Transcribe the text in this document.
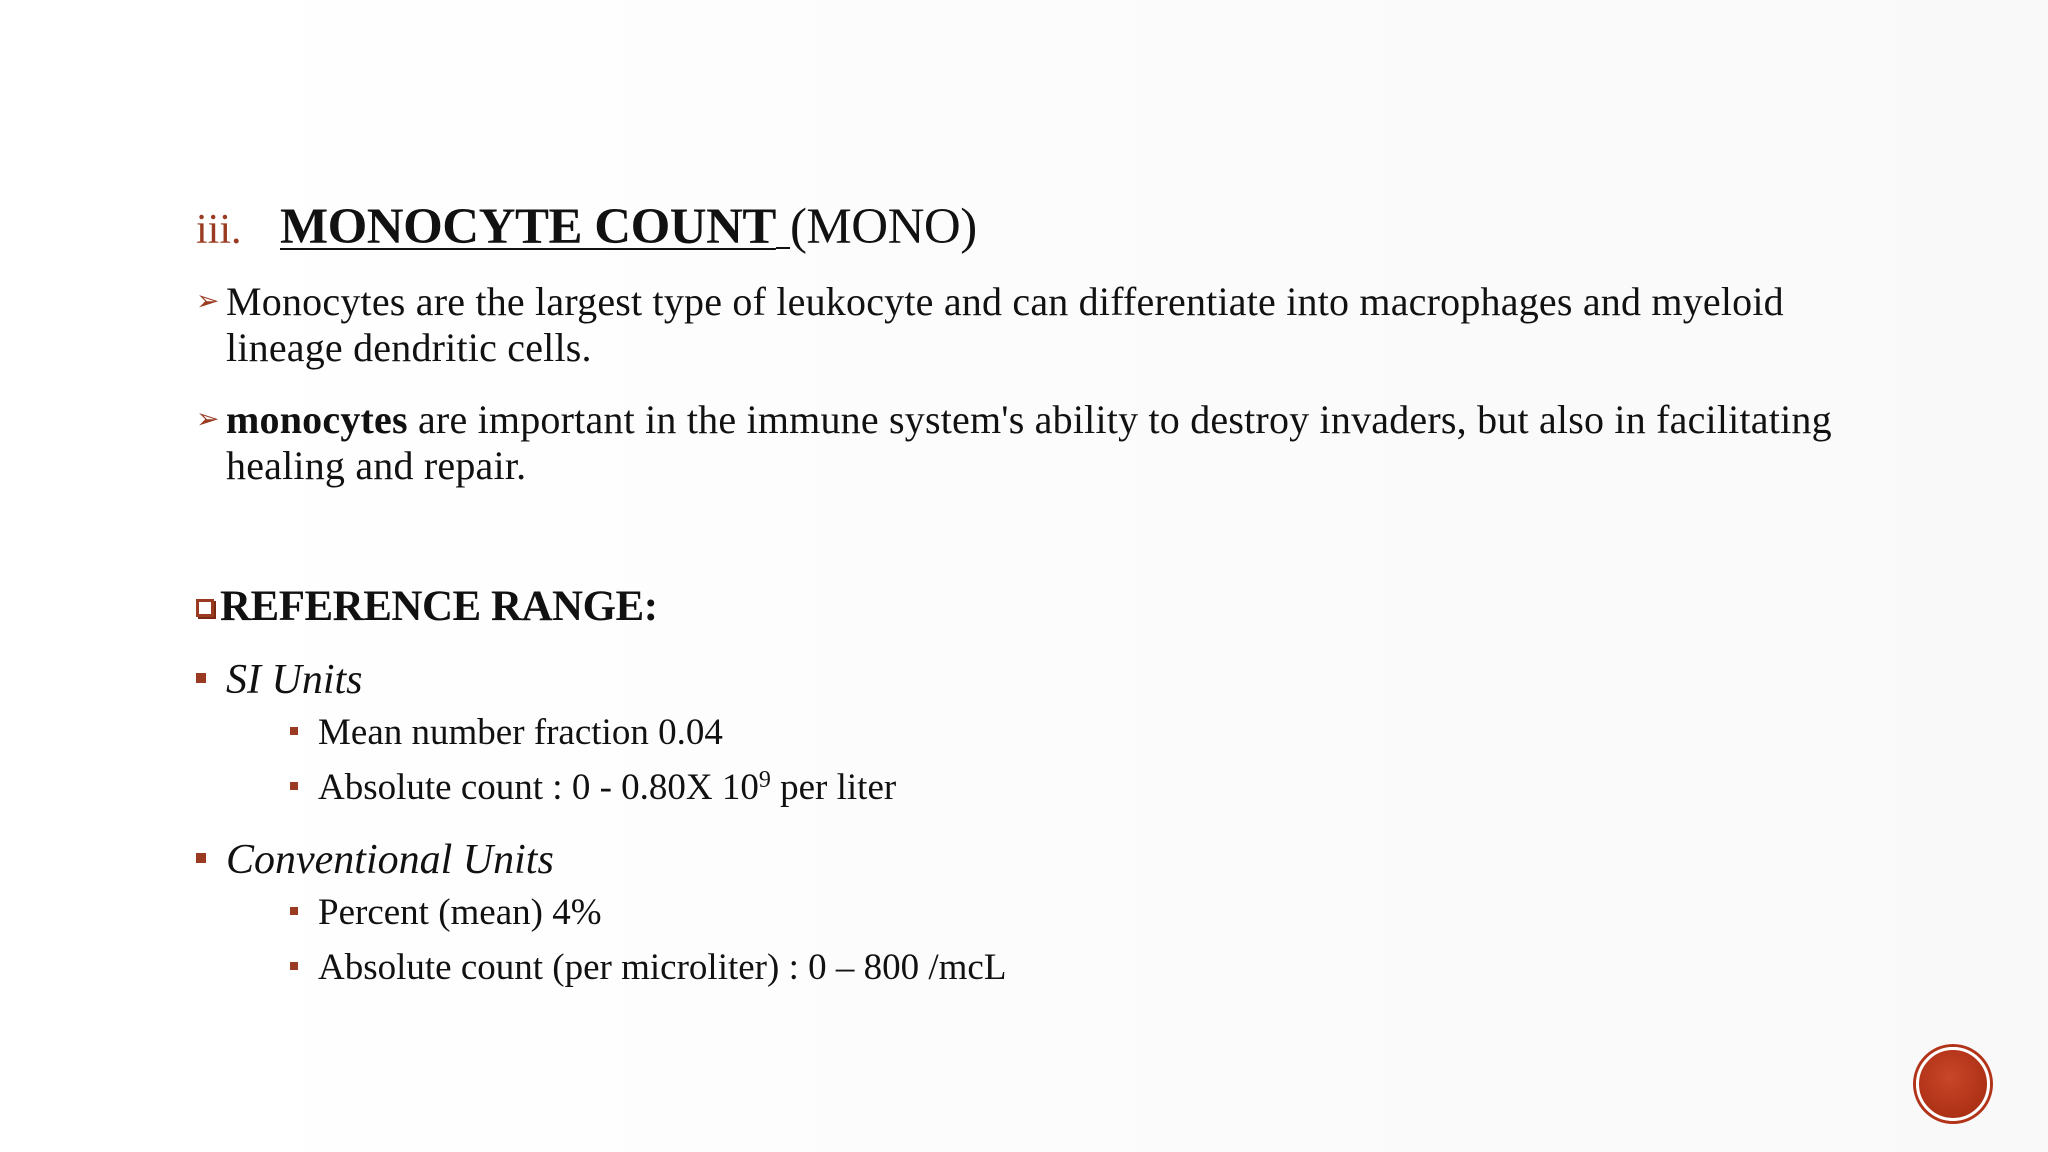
iii. MONOCYTE COUNT (MONO)
➢ Monocytes are the largest type of leukocyte and can differentiate into macrophages and myeloid lineage dendritic cells.
➢ monocytes are important in the immune system's ability to destroy invaders, but also in facilitating healing and repair.
REFERENCE RANGE:
SI Units
Mean number fraction 0.04
Absolute count : 0 - 0.80X $10^9$ per liter
Conventional Units
Percent (mean) 4%
Absolute count (per microliter) : 0 – 800 /mcL
